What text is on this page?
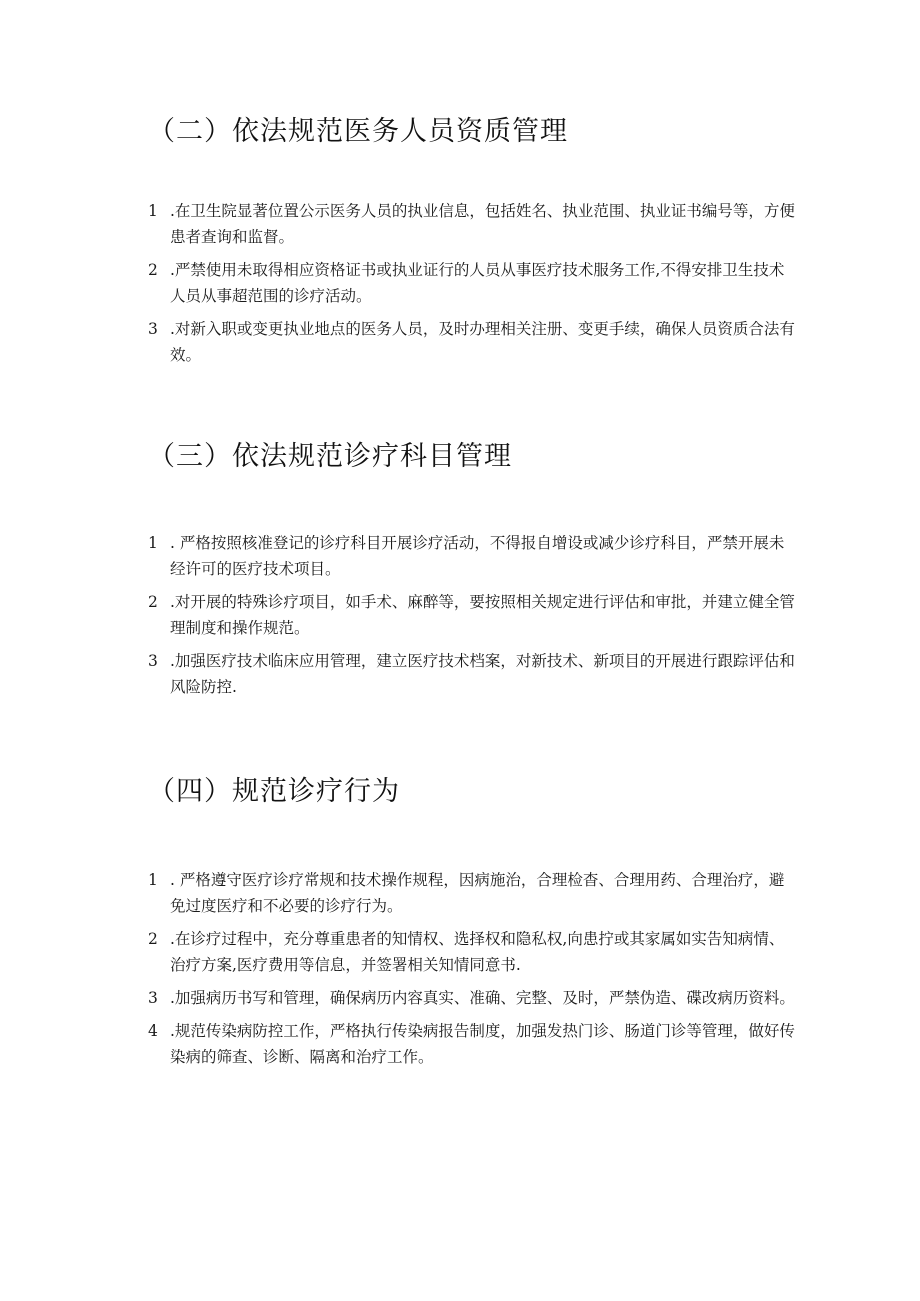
（二）依法规范医务人员资质管理
1 .在卫生院显著位置公示医务人员的执业信息，包括姓名、执业范围、执业证书编号等，方便患者查询和监督。
2 .严禁使用未取得相应资格证书或执业证行的人员从事医疗技术服务工作,不得安排卫生技术人员从事超范围的诊疗活动。
3 .对新入职或变更执业地点的医务人员，及时办理相关注册、变更手续，确保人员资质合法有效。
（三）依法规范诊疗科目管理
1 . 严格按照核准登记的诊疗科目开展诊疗活动，不得报自增设或减少诊疗科目，严禁开展未经许可的医疗技术项目。
2 .对开展的特殊诊疗项目，如手术、麻醉等，要按照相关规定进行评估和审批，并建立健全管理制度和操作规范。
3 .加强医疗技术临床应用管理，建立医疗技术档案，对新技术、新项目的开展进行跟踪评估和风险防控.
（四）规范诊疗行为
1 . 严格遵守医疗诊疗常规和技术操作规程，因病施治，合理检杳、合理用药、合理治疗，避免过度医疗和不必要的诊疗行为。
2 .在诊疗过程中，充分尊重患者的知情权、选择权和隐私权,向患拧或其家属如实告知病情、治疗方案,医疗费用等信息，并签署相关知情同意书.
3 .加强病历书写和管理，确保病历内容真实、准确、完整、及时，严禁伪造、碟改病历资料。
4 .规范传染病防控工作，严格执行传染病报告制度，加强发热门诊、肠道门诊等管理，做好传染病的筛查、诊断、隔离和治疗工作。
